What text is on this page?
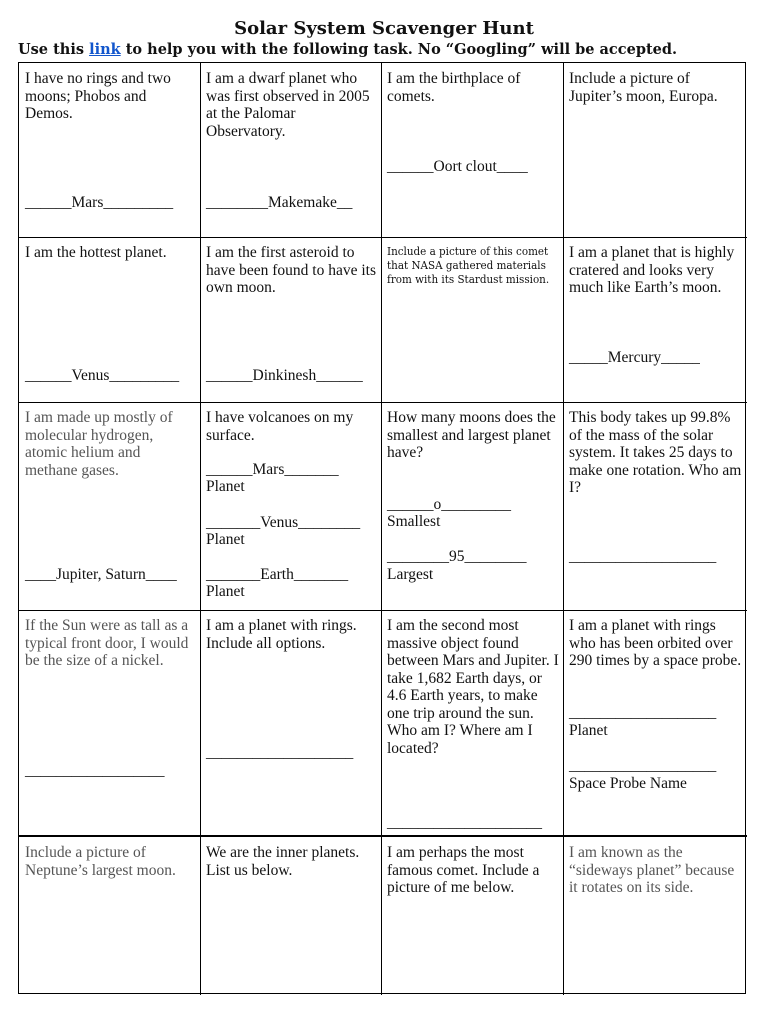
Solar System Scavenger Hunt
Use this link to help you with the following task. No “Googling” will be accepted.
I have no rings and two moons; Phobos and Demos.
______Mars_________
I am a dwarf planet who was first observed in 2005 at the Palomar Observatory.
________Makemake__
I am the birthplace of comets.
______Oort clout____
Include a picture of Jupiter’s moon, Europa.
I am the hottest planet.
______Venus_________
I am the first asteroid to have been found to have its own moon.
______Dinkinesh______
Include a picture of this comet that NASA gathered materials from with its Stardust mission.
I am a planet that is highly cratered and looks very much like Earth’s moon.
_____Mercury_____
I am made up mostly of molecular hydrogen, atomic helium and methane gases.
____Jupiter, Saturn____
I have volcanoes on my surface.
______Mars_______
Planet
_______Venus________
Planet
_______Earth_______
Planet
How many moons does the smallest and largest planet have?
______o_________
Smallest
________95________
Largest
This body takes up 99.8% of the mass of the solar system. It takes 25 days to make one rotation. Who am I?
___________________
If the Sun were as tall as a typical front door, I would be the size of a nickel.
__________________
I am a planet with rings. Include all options.
___________________
I am the second most massive object found between Mars and Jupiter. I take 1,682 Earth days, or 4.6 Earth years, to make one trip around the sun. Who am I? Where am I located?
____________________
I am a planet with rings who has been orbited over 290 times by a space probe.
___________________
Planet
___________________
Space Probe Name
Include a picture of Neptune’s largest moon.
We are the inner planets. List us below.
I am perhaps the most famous comet. Include a picture of me below.
I am known as the “sideways planet” because it rotates on its side.
